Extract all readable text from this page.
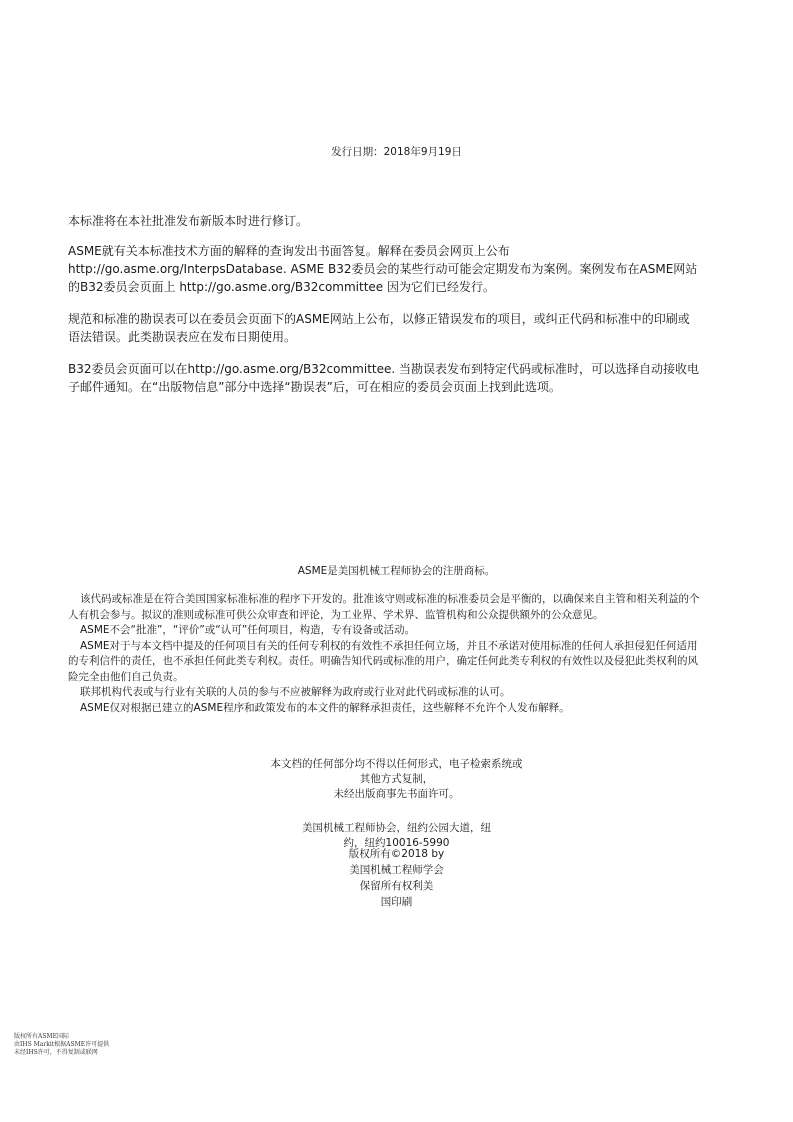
发行日期：2018年9月19日

本标准将在本社批准发布新版本时进行修订。

ASME就有关本标准技术方面的解释的查询发出书面答复。解释在委员会网页上公布http://go.asme.org/InterpsDatabase. ASME B32委员会的某些行动可能会定期发布为案例。案例发布在ASME网站的B32委员会页面上 http://go.asme.org/B32committee 因为它们已经发行。

规范和标准的勘误表可以在委员会页面下的ASME网站上公布，以修正错误发布的项目，或纠正代码和标准中的印刷或语法错误。此类勘误表应在发布日期使用。

B32委员会页面可以在http://go.asme.org/B32committee. 当勘误表发布到特定代码或标准时，可以选择自动接收电子邮件通知。在“出版物信息”部分中选择“勘误表”后，可在相应的委员会页面上找到此选项。

ASME是美国机械工程师协会的注册商标。

该代码或标准是在符合美国国家标准标准的程序下开发的。批准该守则或标准的标准委员会是平衡的，以确保来自主管和相关利益的个人有机会参与。拟议的准则或标准可供公众审查和评论，为工业界、学术界、监管机构和公众提供额外的公众意见。

ASME不会“批准”，“评价”或“认可”任何项目，构造，专有设备或活动。

ASME对于与本文档中提及的任何项目有关的任何专利权的有效性不承担任何立场，并且不承诺对使用标准的任何人承担侵犯任何适用的专利信件的责任，也不承担任何此类专利权。责任。明确告知代码或标准的用户，确定任何此类专利权的有效性以及侵犯此类权利的风险完全由他们自己负责。

联邦机构代表或与行业有关联的人员的参与不应被解释为政府或行业对此代码或标准的认可。

ASME仅对根据已建立的ASME程序和政策发布的本文件的解释承担责任，这些解释不允许个人发布解释。

本文档的任何部分均不得以任何形式，电子检索系统或
其他方式复制，
未经出版商事先书面许可。
美国机械工程师协会，纽约公园大道，纽
约，纽约10016-5990
版权所有©2018 by
美国机械工程师学会
保留所有权利美
国印刷
版权所有ASME国际
由IHS Markit根据ASME许可提供
未经IHS许可，不得复制或联网
